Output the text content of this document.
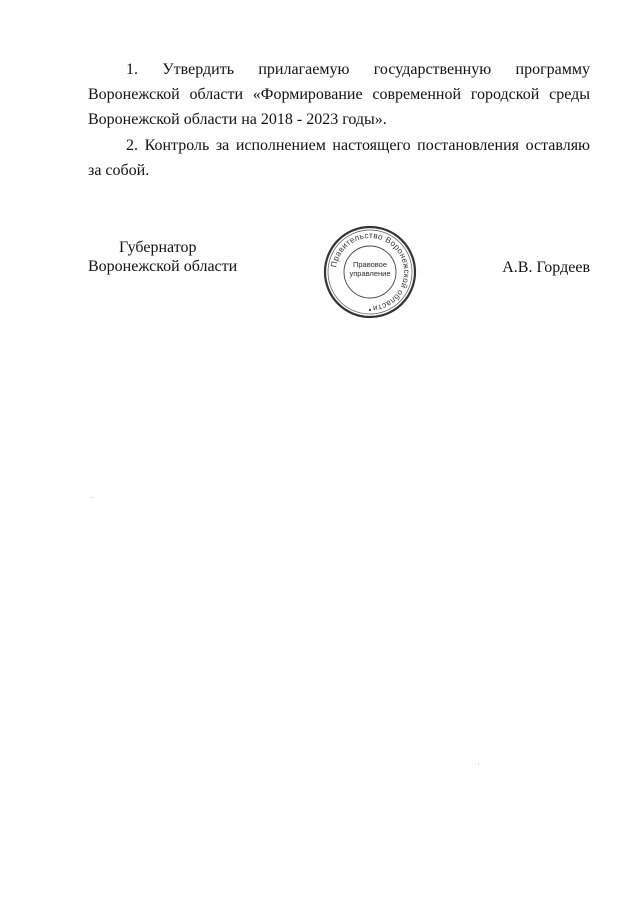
1. Утвердить прилагаемую государственную программу Воронежской области «Формирование современной городской среды Воронежской области на 2018 - 2023 годы».

2. Контроль за исполнением настоящего постановления оставляю за собой.

Губернатор
Воронежской области	Правительство Воронежской области
Правовое
управление	А.В. Гордеев
